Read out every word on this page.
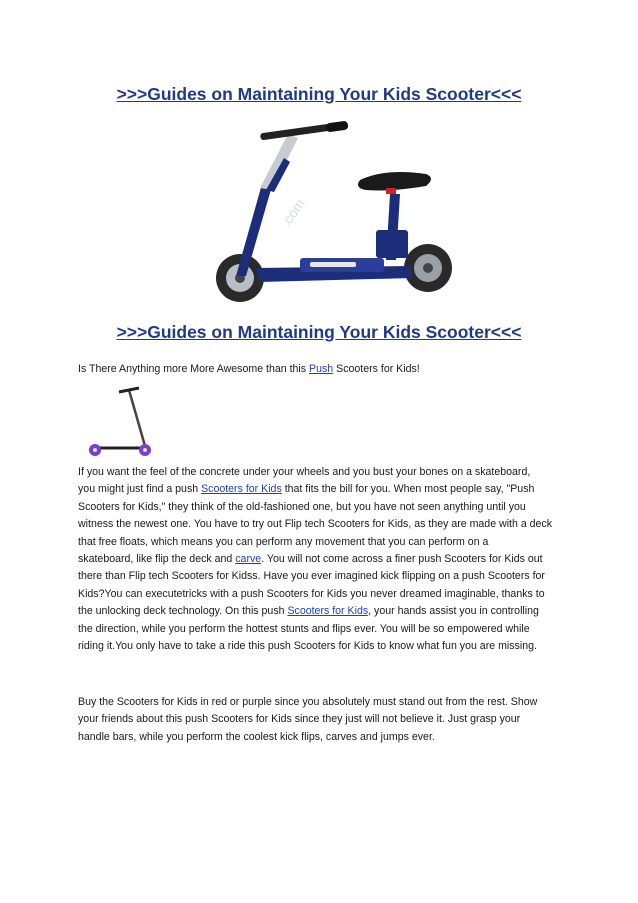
>>>Guides on Maintaining Your Kids Scooter<<<
.com
>>>Guides on Maintaining Your Kids Scooter<<<
Is There Anything more More Awesome than this Push Scooters for Kids!

If you want the feel of the concrete under your wheels and you bust your bones on a skateboard,
you might just find a push Scooters for Kids that fits the bill for you. When most people say, "Push
Scooters for Kids," they think of the old-fashioned one, but you have not seen anything until you
witness the newest one. You have to try out Flip tech Scooters for Kids, as they are made with a deck
that free floats, which means you can perform any movement that you can perform on a
skateboard, like flip the deck and carve. You will not come across a finer push Scooters for Kids out
there than Flip tech Scooters for Kidss. Have you ever imagined kick flipping on a push Scooters for
Kids?You can executetricks with a push Scooters for Kids you never dreamed imaginable, thanks to
the unlocking deck technology. On this push Scooters for Kids, your hands assist you in controlling
the direction, while you perform the hottest stunts and flips ever. You will be so empowered while
riding it.You only have to take a ride this push Scooters for Kids to know what fun you are missing.

Buy the Scooters for Kids in red or purple since you absolutely must stand out from the rest. Show
your friends about this push Scooters for Kids since they just will not believe it. Just grasp your
handle bars, while you perform the coolest kick flips, carves and jumps ever.
